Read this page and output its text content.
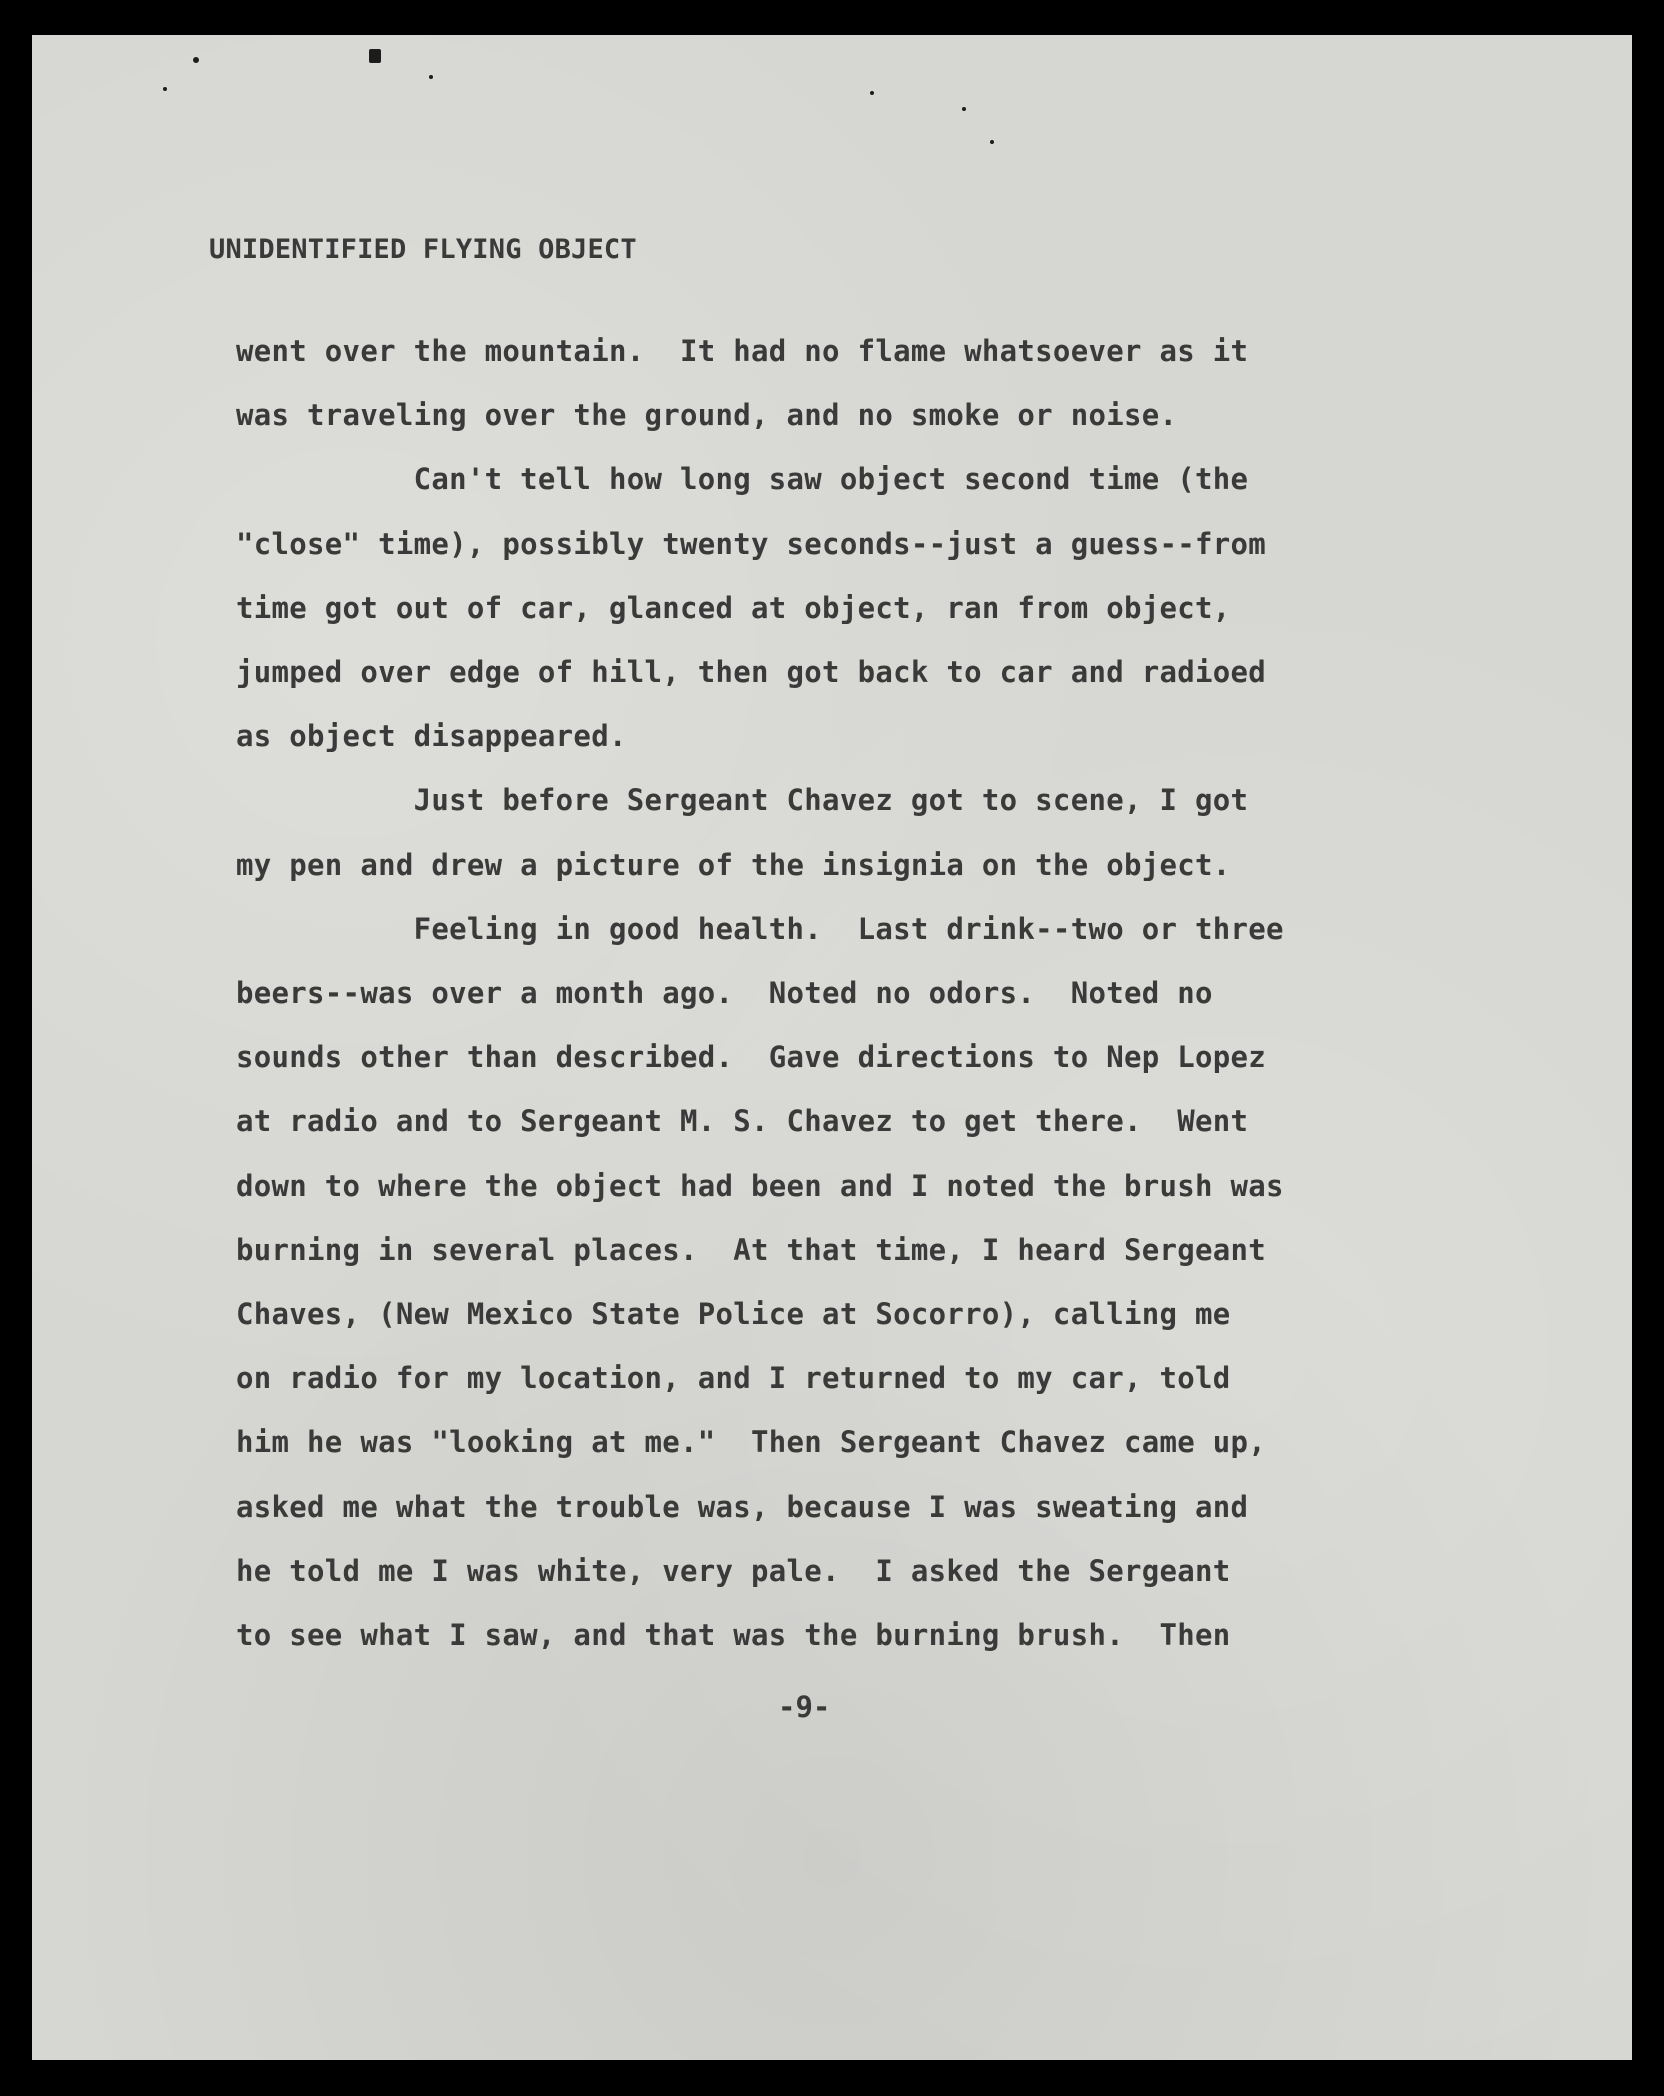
UNIDENTIFIED FLYING OBJECT
went over the mountain.  It had no flame whatsoever as it
was traveling over the ground, and no smoke or noise.
Can't tell how long saw object second time (the
"close" time), possibly twenty seconds--just a guess--from
time got out of car, glanced at object, ran from object,
jumped over edge of hill, then got back to car and radioed
as object disappeared.
Just before Sergeant Chavez got to scene, I got
my pen and drew a picture of the insignia on the object.
Feeling in good health.  Last drink--two or three
beers--was over a month ago.  Noted no odors.  Noted no
sounds other than described.  Gave directions to Nep Lopez
at radio and to Sergeant M. S. Chavez to get there.  Went
down to where the object had been and I noted the brush was
burning in several places.  At that time, I heard Sergeant
Chaves, (New Mexico State Police at Socorro), calling me
on radio for my location, and I returned to my car, told
him he was "looking at me."  Then Sergeant Chavez came up,
asked me what the trouble was, because I was sweating and
he told me I was white, very pale.  I asked the Sergeant
to see what I saw, and that was the burning brush.  Then
-9-
